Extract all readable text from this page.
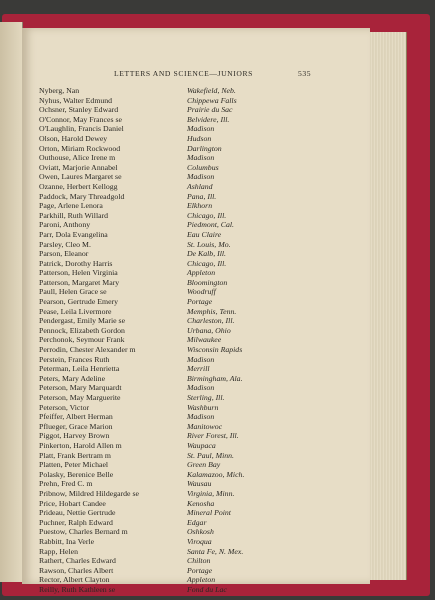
LETTERS AND SCIENCE—JUNIORS	535
Nyberg, Nan	Wakefield, Neb.
Nyhus, Walter Edmund	Chippewa Falls
Ochsner, Stanley Edward	Prairie du Sac
O'Connor, May Frances se	Belvidere, Ill.
O'Laughlin, Francis Daniel	Madison
Olson, Harold Dewey	Hudson
Orton, Miriam Rockwood	Darlington
Outhouse, Alice Irene m	Madison
Oviatt, Marjorie Annabel	Columbus
Owen, Laures Margaret se	Madison
Ozanne, Herbert Kellogg	Ashland
Paddock, Mary Threadgold	Pana, Ill.
Page, Arlene Lenora	Elkhorn
Parkhill, Ruth Willard	Chicago, Ill.
Paroni, Anthony	Piedmont, Cal.
Parr, Dola Evangelina	Eau Claire
Parsley, Cleo M.	St. Louis, Mo.
Parson, Eleanor	De Kalb, Ill.
Patrick, Dorothy Harris	Chicago, Ill.
Patterson, Helen Virginia	Appleton
Patterson, Margaret Mary	Bloomington
Paull, Helen Grace se	Woodruff
Pearson, Gertrude Emery	Portage
Pease, Leila Livermore	Memphis, Tenn.
Pendergast, Emily Marie se	Charleston, Ill.
Pennock, Elizabeth Gordon	Urbana, Ohio
Perchonok, Seymour Frank	Milwaukee
Perrodin, Chester Alexander m	Wisconsin Rapids
Perstein, Frances Ruth	Madison
Peterman, Leila Henrietta	Merrill
Peters, Mary Adeline	Birmingham, Ala.
Peterson, Mary Marquardt	Madison
Peterson, May Marguerite	Sterling, Ill.
Peterson, Victor	Washburn
Pfeiffer, Albert Herman	Madison
Pflueger, Grace Marion	Manitowoc
Piggot, Harvey Brown	River Forest, Ill.
Pinkerton, Harold Allen m	Waupaca
Platt, Frank Bertram m	St. Paul, Minn.
Platten, Peter Michael	Green Bay
Polasky, Berenice Belle	Kalamazoo, Mich.
Prehn, Fred C. m	Wausau
Pribnow, Mildred Hildegarde se	Virginia, Minn.
Price, Hobart Candee	Kenosha
Prideau, Nettie Gertrude	Mineral Point
Puchner, Ralph Edward	Edgar
Puestow, Charles Bernard m	Oshkosh
Rabbitt, Ina Verle	Viroqua
Rapp, Helen	Santa Fe, N. Mex.
Rathert, Charles Edward	Chilton
Rawson, Charles Albert	Portage
Rector, Albert Clayton	Appleton
Reilly, Ruth Kathleen se	Fond du Lac
